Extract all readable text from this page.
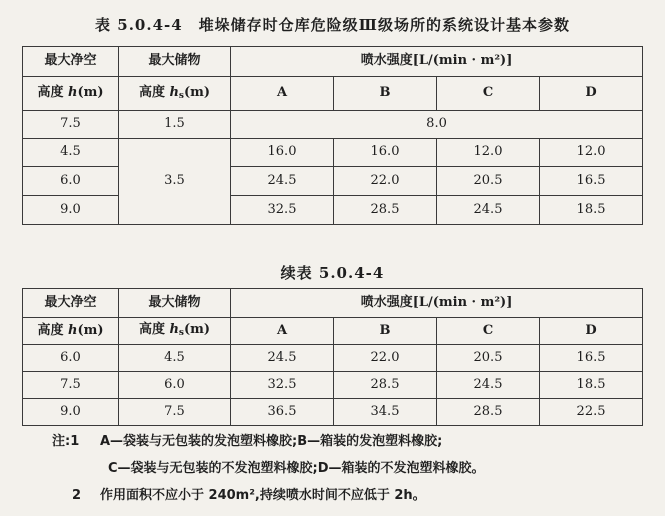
表 5.0.4-4　堆垛储存时仓库危险级Ⅲ级场所的系统设计基本参数
最大净空	最大储物	喷水强度[L/(min · m²)]			
高度 h(m)	高度 $h_s(m)$	A	B	C	D
7.5	1.5	8.0			
4.5	3.5	16.0	16.0	12.0	12.0
6.0		24.5	22.0	20.5	16.5
9.0		32.5	28.5	24.5	18.5
续表 5.0.4-4
最大净空	最大储物	喷水强度[L/(min · m²)]			
高度 h(m)	高度 $h_s(m)$	A	B	C	D
6.0	4.5	24.5	22.0	20.5	16.5
7.5	6.0	32.5	28.5	24.5	18.5
9.0	7.5	36.5	34.5	28.5	22.5
注:1 A—袋装与无包装的发泡塑料橡胶;B—箱装的发泡塑料橡胶;
C—袋装与无包装的不发泡塑料橡胶;D—箱装的不发泡塑料橡胶。
2 作用面积不应小于 240m²,持续喷水时间不应低于 2h。
